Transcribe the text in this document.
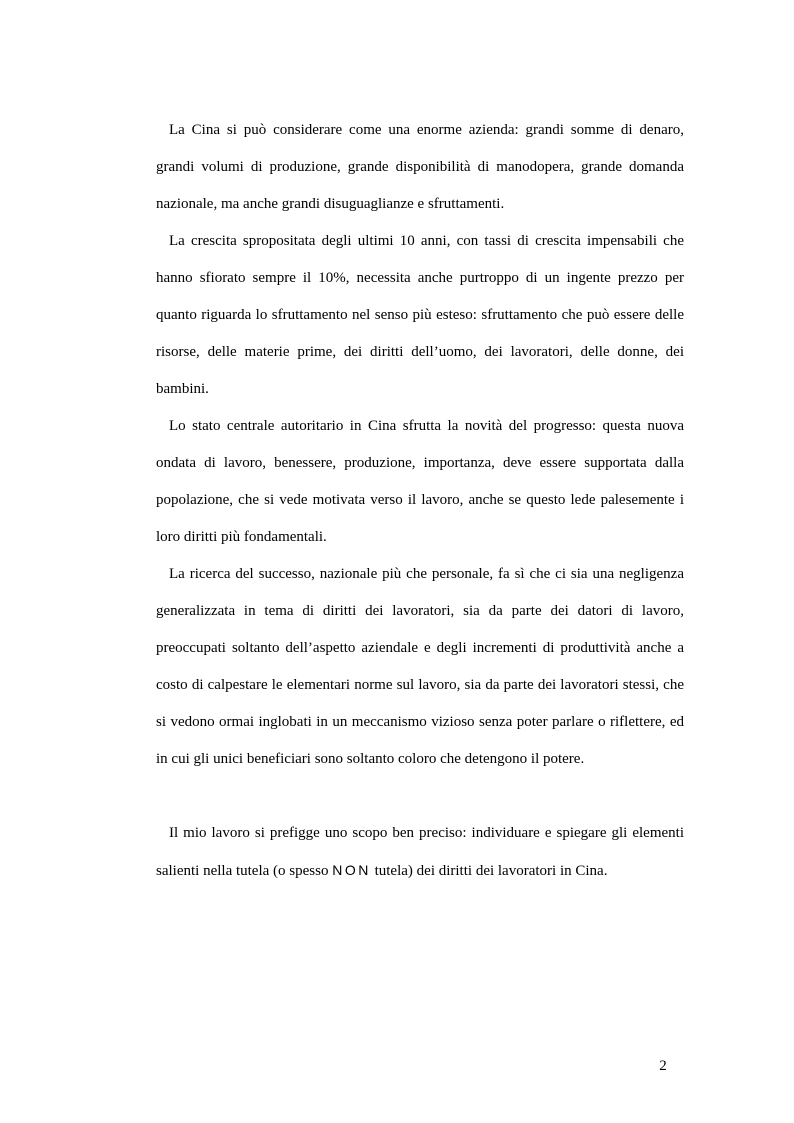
La Cina si può considerare come una enorme azienda: grandi somme di denaro, grandi volumi di produzione, grande disponibilità di manodopera, grande domanda nazionale, ma anche grandi disuguaglianze e sfruttamenti.

La crescita spropositata degli ultimi 10 anni, con tassi di crescita impensabili che hanno sfiorato sempre il 10%, necessita anche purtroppo di un ingente prezzo per quanto riguarda lo sfruttamento nel senso più esteso: sfruttamento che può essere delle risorse, delle materie prime, dei diritti dell’uomo, dei lavoratori, delle donne, dei bambini.

Lo stato centrale autoritario in Cina sfrutta la novità del progresso: questa nuova ondata di lavoro, benessere, produzione, importanza, deve essere supportata dalla popolazione, che si vede motivata verso il lavoro, anche se questo lede palesemente i loro diritti più fondamentali.

La ricerca del successo, nazionale più che personale, fa sì che ci sia una negligenza generalizzata in tema di diritti dei lavoratori, sia da parte dei datori di lavoro, preoccupati soltanto dell’aspetto aziendale e degli incrementi di produttività anche a costo di calpestare le elementari norme sul lavoro, sia da parte dei lavoratori stessi, che si vedono ormai inglobati in un meccanismo vizioso senza poter parlare o riflettere, ed in cui gli unici beneficiari sono soltanto coloro che detengono il potere.

Il mio lavoro si prefigge uno scopo ben preciso: individuare e spiegare gli elementi salienti nella tutela (o spesso NON tutela) dei diritti dei lavoratori in Cina.

2
